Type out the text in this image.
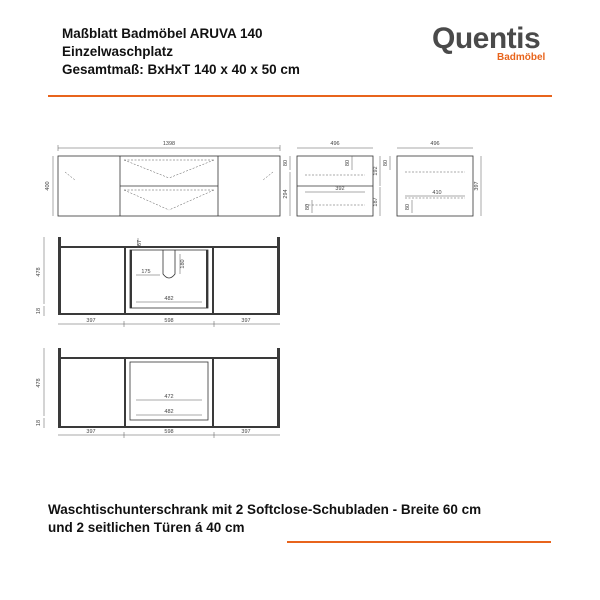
Maßblatt Badmöbel ARUVA 140
Einzelwaschplatz
Gesamtmaß: BxHxT 140 x 40 x 50 cm
Quentis
Badmöbel
1398
400
80
294
496
80
192
187
392
80
496
397
80
410
80
175
482
180
67
478
18
397	598	397
472
482
478
18
397	598	397
Waschtischunterschrank mit 2 Softclose-Schubladen - Breite 60 cm
und 2 seitlichen Türen á 40 cm
